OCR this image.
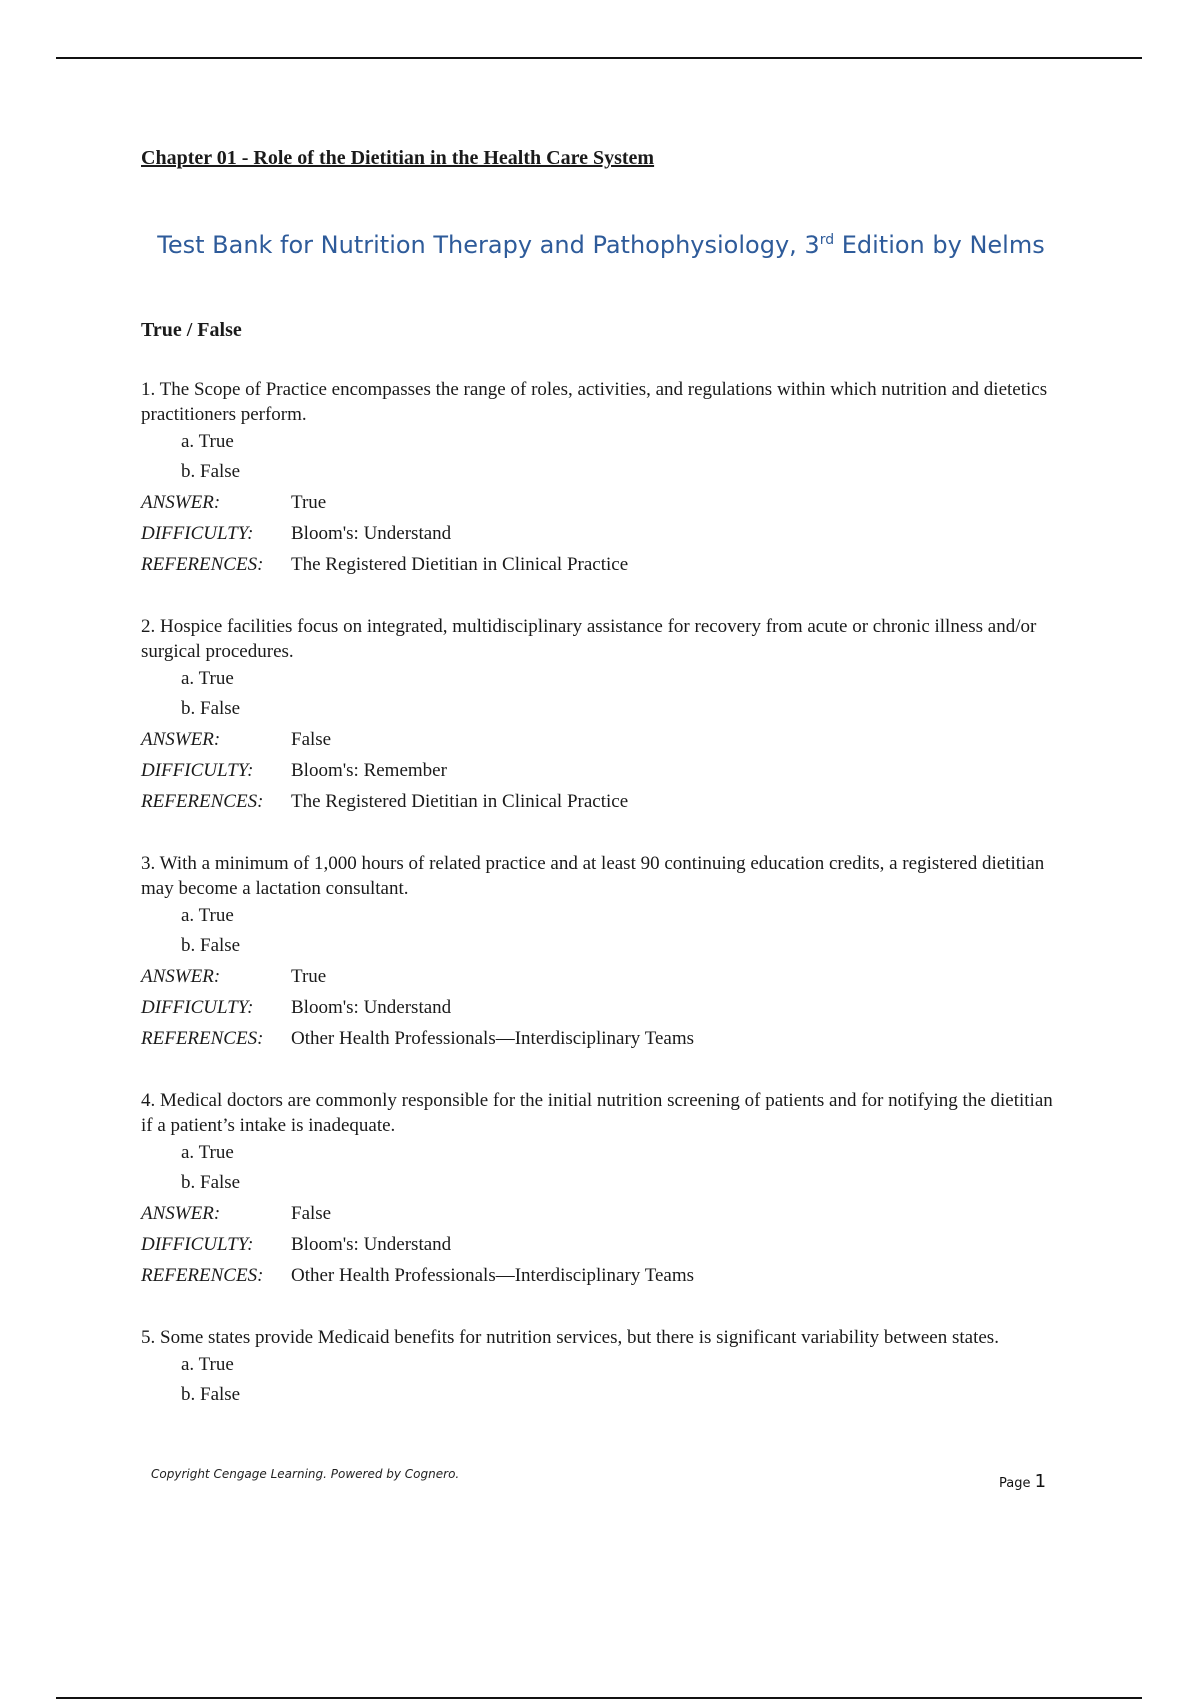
Chapter 01 - Role of the Dietitian in the Health Care System
Test Bank for Nutrition Therapy and Pathophysiology, 3rd Edition by Nelms
True / False

1. The Scope of Practice encompasses the range of roles, activities, and regulations within which nutrition and dietetics practitioners perform.

a. True
b. False
ANSWER:	True
DIFFICULTY:	Bloom's: Understand
REFERENCES:	The Registered Dietitian in Clinical Practice

2. Hospice facilities focus on integrated, multidisciplinary assistance for recovery from acute or chronic illness and/or surgical procedures.

a. True
b. False
ANSWER:	False
DIFFICULTY:	Bloom's: Remember
REFERENCES:	The Registered Dietitian in Clinical Practice

3. With a minimum of 1,000 hours of related practice and at least 90 continuing education credits, a registered dietitian may become a lactation consultant.

a. True
b. False
ANSWER:	True
DIFFICULTY:	Bloom's: Understand
REFERENCES:	Other Health Professionals—Interdisciplinary Teams

4. Medical doctors are commonly responsible for the initial nutrition screening of patients and for notifying the dietitian if a patient’s intake is inadequate.

a. True
b. False
ANSWER:	False
DIFFICULTY:	Bloom's: Understand
REFERENCES:	Other Health Professionals—Interdisciplinary Teams

5. Some states provide Medicaid benefits for nutrition services, but there is significant variability between states.

a. True
b. False
Copyright Cengage Learning. Powered by Cognero.
Page 1
